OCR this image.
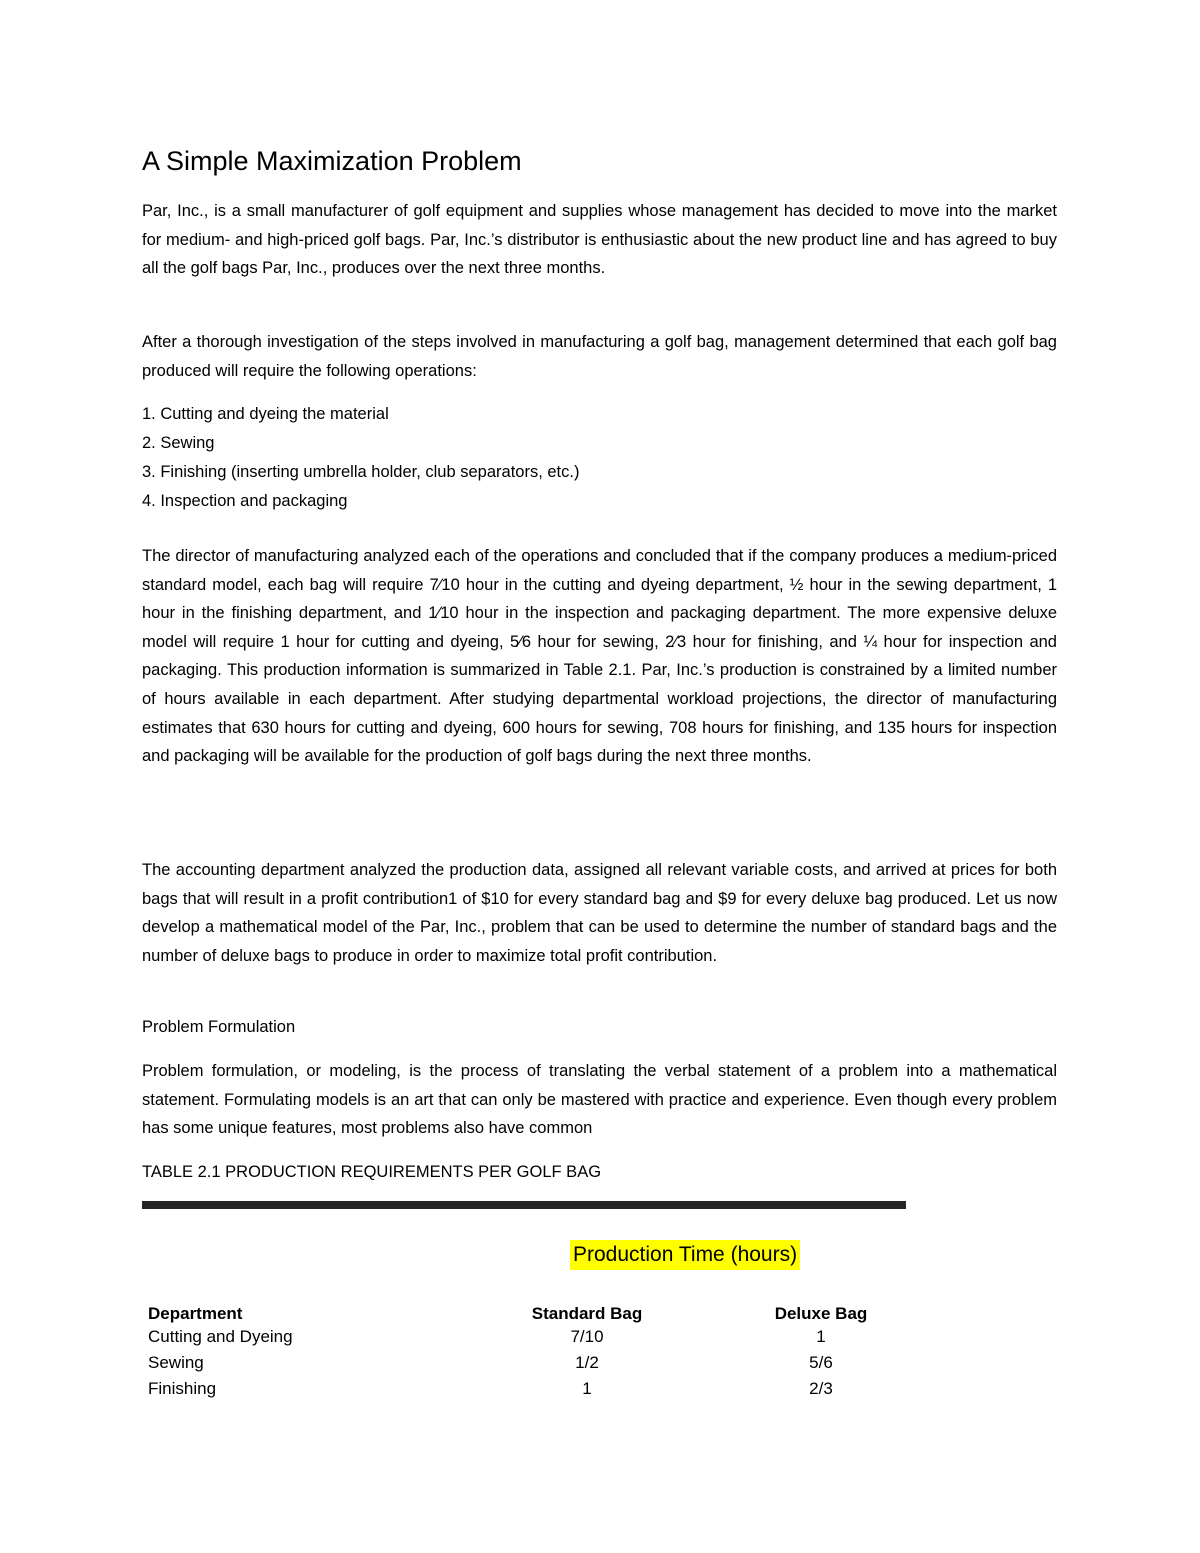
A Simple Maximization Problem

Par, Inc., is a small manufacturer of golf equipment and supplies whose management has decided to move into the market for medium- and high-priced golf bags. Par, Inc.’s distributor is enthusiastic about the new product line and has agreed to buy all the golf bags Par, Inc., produces over the next three months.

After a thorough investigation of the steps involved in manufacturing a golf bag, management determined that each golf bag produced will require the following operations:

1. Cutting and dyeing the material
2. Sewing
3. Finishing (inserting umbrella holder, club separators, etc.)
4. Inspection and packaging

The director of manufacturing analyzed each of the operations and concluded that if the company produces a medium-priced standard model, each bag will require 7⁄10 hour in the cutting and dyeing department, ½ hour in the sewing department, 1 hour in the finishing department, and 1⁄10 hour in the inspection and packaging department. The more expensive deluxe model will require 1 hour for cutting and dyeing, 5⁄6 hour for sewing, 2⁄3 hour for finishing, and ¼ hour for inspection and packaging. This production information is summarized in Table 2.1. Par, Inc.’s production is constrained by a limited number of hours available in each department. After studying departmental workload projections, the director of manufacturing estimates that 630 hours for cutting and dyeing, 600 hours for sewing, 708 hours for finishing, and 135 hours for inspection and packaging will be available for the production of golf bags during the next three months.

The accounting department analyzed the production data, assigned all relevant variable costs, and arrived at prices for both bags that will result in a profit contribution1 of $10 for every standard bag and $9 for every deluxe bag produced. Let us now develop a mathematical model of the Par, Inc., problem that can be used to determine the number of standard bags and the number of deluxe bags to produce in order to maximize total profit contribution.

Problem Formulation

Problem formulation, or modeling, is the process of translating the verbal statement of a problem into a mathematical statement. Formulating models is an art that can only be mastered with practice and experience. Even though every problem has some unique features, most problems also have common

TABLE 2.1 PRODUCTION REQUIREMENTS PER GOLF BAG

Production Time (hours)
Department	Standard Bag	Deluxe Bag
Cutting and Dyeing	7/10	1
Sewing	1/2	5/6
Finishing	1	2/3
